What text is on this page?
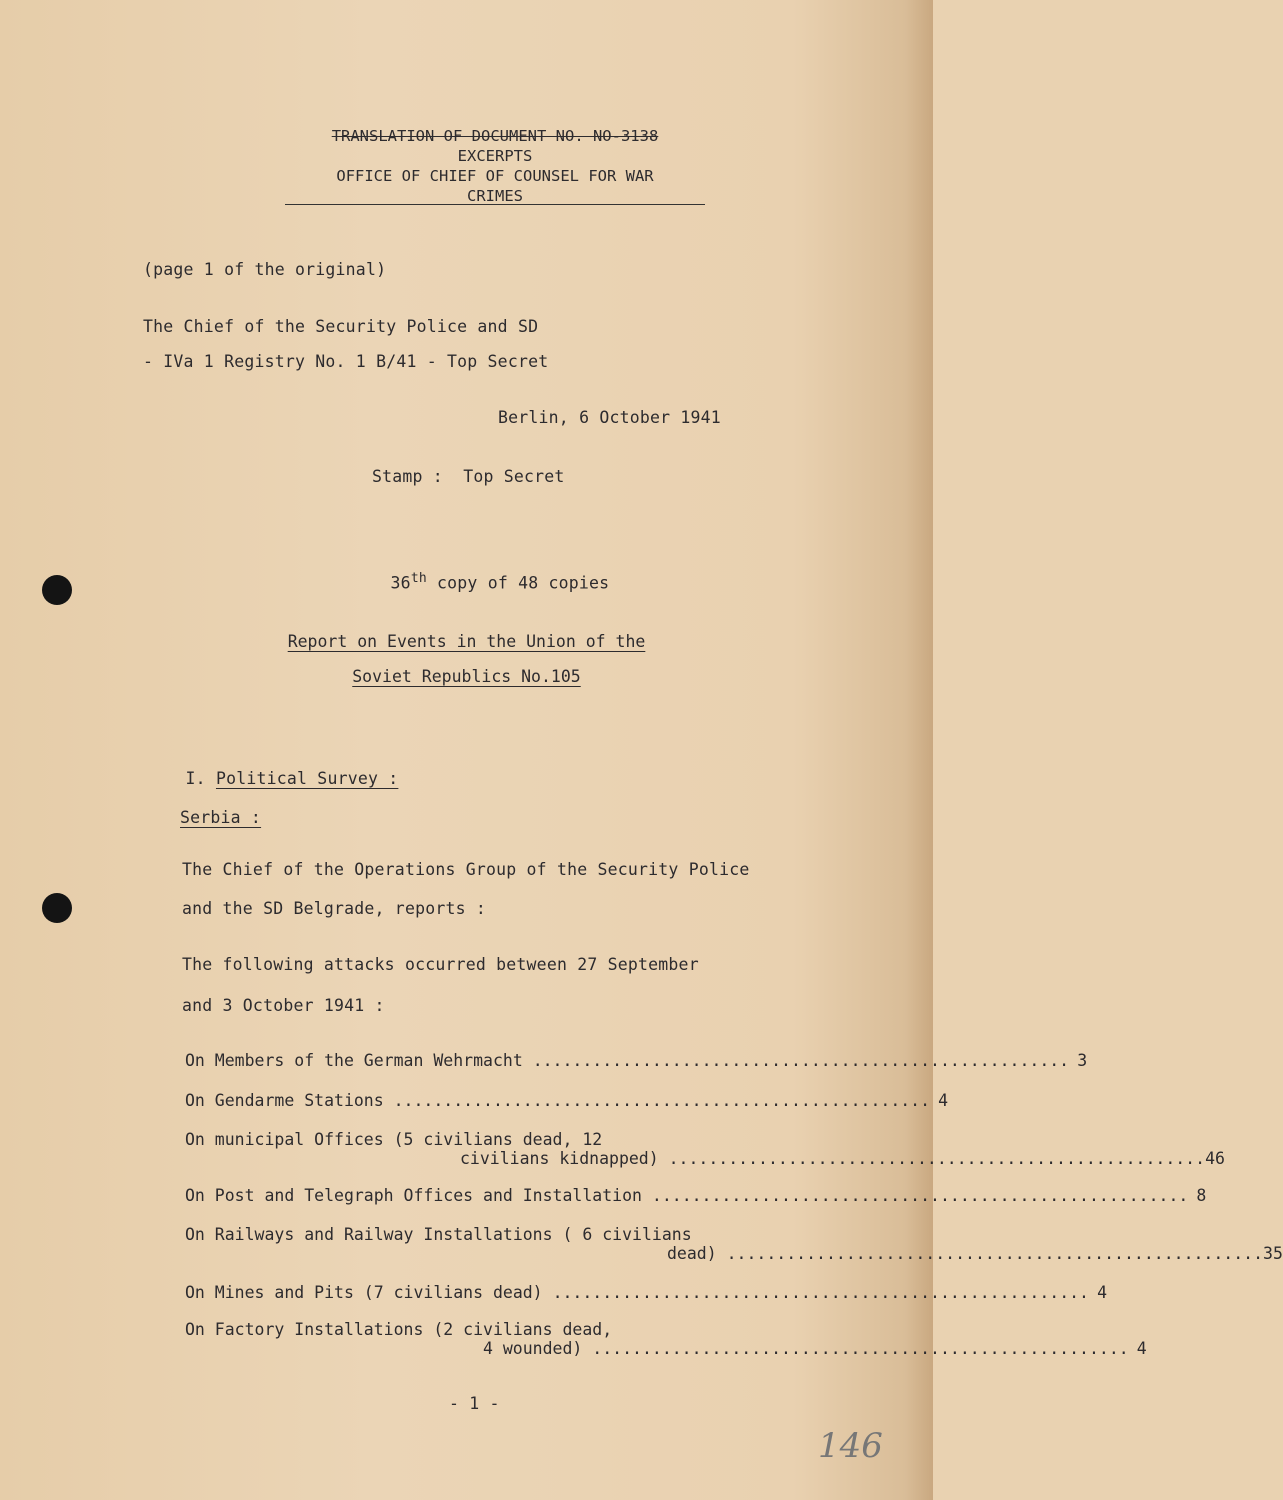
TRANSLATION OF DOCUMENT NO. NO-3138
EXCERPTS
OFFICE OF CHIEF OF COUNSEL FOR WAR
CRIMES
(page 1 of the original)
The Chief of the Security Police and SD
- IVa 1 Registry No. 1 B/41 - Top Secret
Berlin, 6 October 1941
Stamp :  Top Secret

36th copy of 48 copies

Report on Events in the Union of the
Soviet Republics No.105

I. Political Survey :

Serbia :
The Chief of the Operations Group of the Security Police
and the SD Belgrade, reports :
The following attacks occurred between 27 September
and 3 October 1941 :
On Members of the German Wehrmacht ...................................................... 3
On Gendarme Stations ...................................................... 4
On municipal Offices (5 civilians dead, 12
civilians kidnapped) ...................................................... 46
On Post and Telegraph Offices and Installation ...................................................... 8
On Railways and Railway Installations ( 6 civilians
dead) ...................................................... 35
On Mines and Pits (7 civilians dead) ...................................................... 4
On Factory Installations (2 civilians dead,
4 wounded) ...................................................... 4
- 1 -
146
